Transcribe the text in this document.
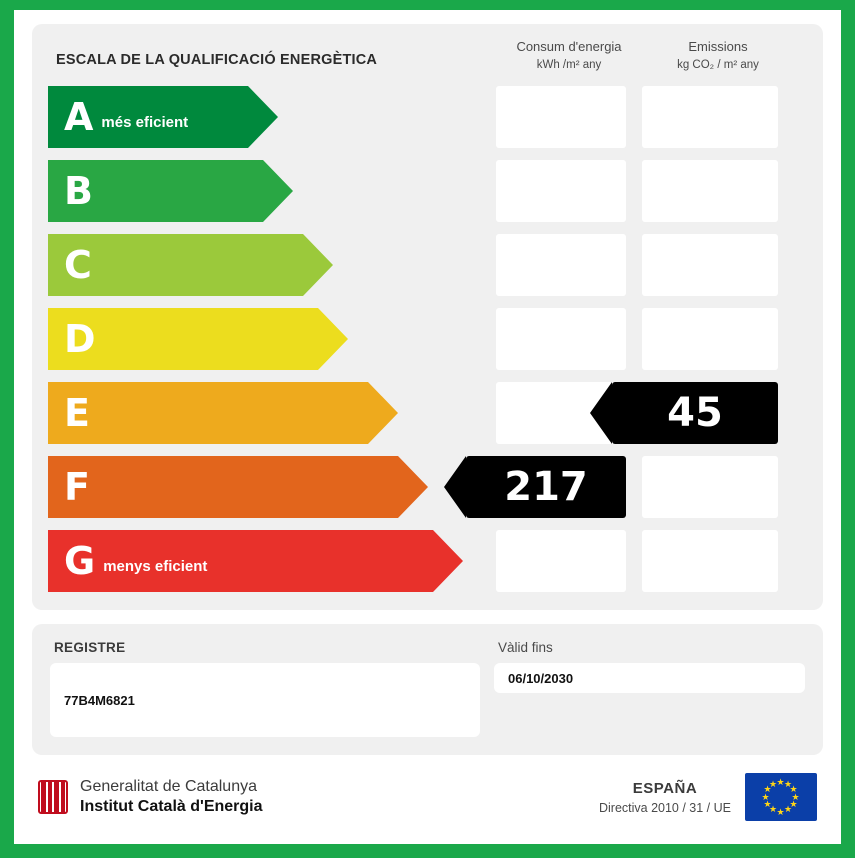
ESCALA DE LA QUALIFICACIÓ ENERGÈTICA
Consum d'energia
kWh /m² any
Emissions
kg CO₂ / m² any
A més eficient
B
C
D
E	45
F	217
G menys eficient
REGISTRE
77B4M6821
Vàlid fins
06/10/2030
Generalitat de Catalunya
Institut Català d'Energia
ESPAÑA
Directiva 2010 / 31 / UE
★ ★
★
★
★
★
★
★
★
★
★
★
